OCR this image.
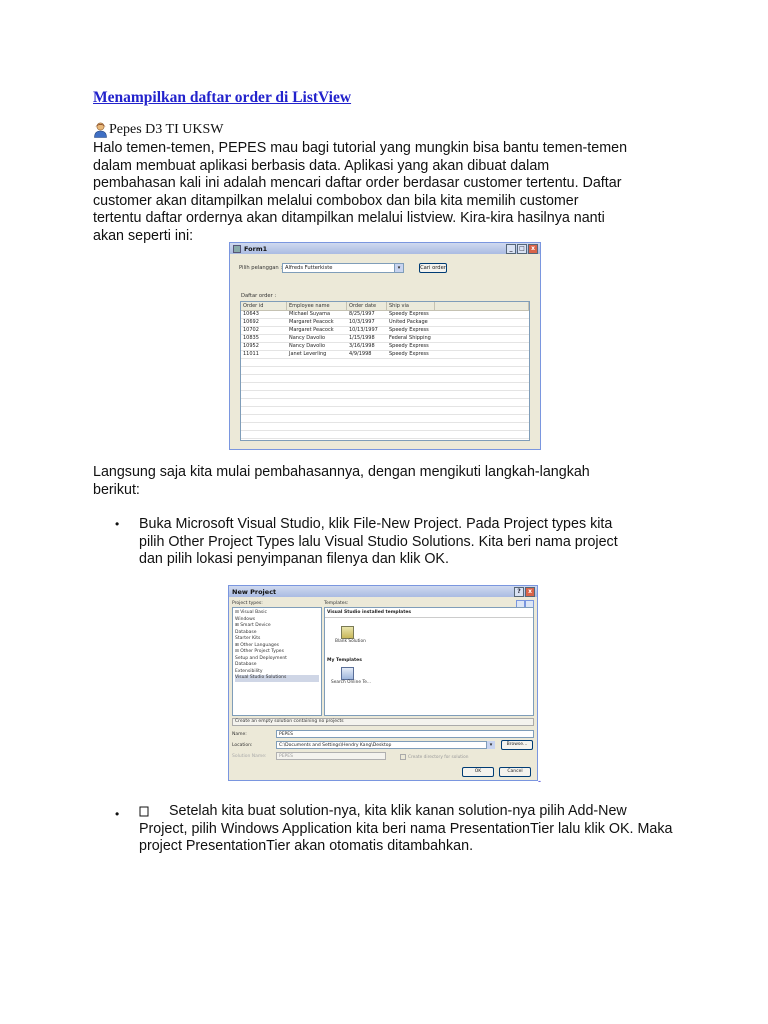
Menampilkan daftar order di ListView
Pepes D3 TI UKSW
Halo temen-temen, PEPES mau bagi tutorial yang mungkin bisa bantu temen-temen
dalam membuat aplikasi berbasis data. Aplikasi yang akan dibuat dalam
pembahasan kali ini adalah mencari daftar order berdasar customer tertentu. Daftar
customer akan ditampilkan melalui combobox dan bila kita memilih customer
tertentu daftar ordernya akan ditampilkan melalui listview. Kira-kira hasilnya nanti
akan seperti ini:
Form1	_	□	x
Pilih pelanggan : Alfreds Futterkiste	▾	Cari order
Daftar order :
Order id	Employee name	Order date	Ship via
10643	Michael Suyama	8/25/1997	Speedy Express
10692	Margaret Peacock	10/3/1997	United Package
10702	Margaret Peacock	10/13/1997	Speedy Express
10835	Nancy Davolio	1/15/1998	Federal Shipping
10952	Nancy Davolio	3/16/1998	Speedy Express
11011	Janet Leverling	4/9/1998	Speedy Express
Langsung saja kita mulai pembahasannya, dengan mengikuti langkah-langkah
berikut:
• Buka Microsoft Visual Studio, klik File-New Project. Pada Project types kita
pilih Other Project Types lalu Visual Studio Solutions. Kita beri nama project
dan pilih lokasi penyimpanan filenya dan klik OK.
New Project	?	x
Project types:	Templates:
⊟ Visual Basic
Windows
⊞ Smart Device
Database
Starter Kits
⊞ Other Languages
⊟ Other Project Types
Setup and Deployment
Database
Extensibility
Visual Studio Solutions
Visual Studio installed templates
Blank Solution
My Templates
Search Online Te...
Create an empty solution containing no projects
Name:	PEPES
Location:	C:\Documents and Settings\Hendry Kang\Desktop	▾	Browse...
Solution Name:	PEPES	Create directory for solution
OK	Cancel
-
•	Setelah kita buat solution-nya, kita klik kanan solution-nya pilih Add-New
Project, pilih Windows Application kita beri nama PresentationTier lalu klik OK. Maka
project PresentationTier akan otomatis ditambahkan.
